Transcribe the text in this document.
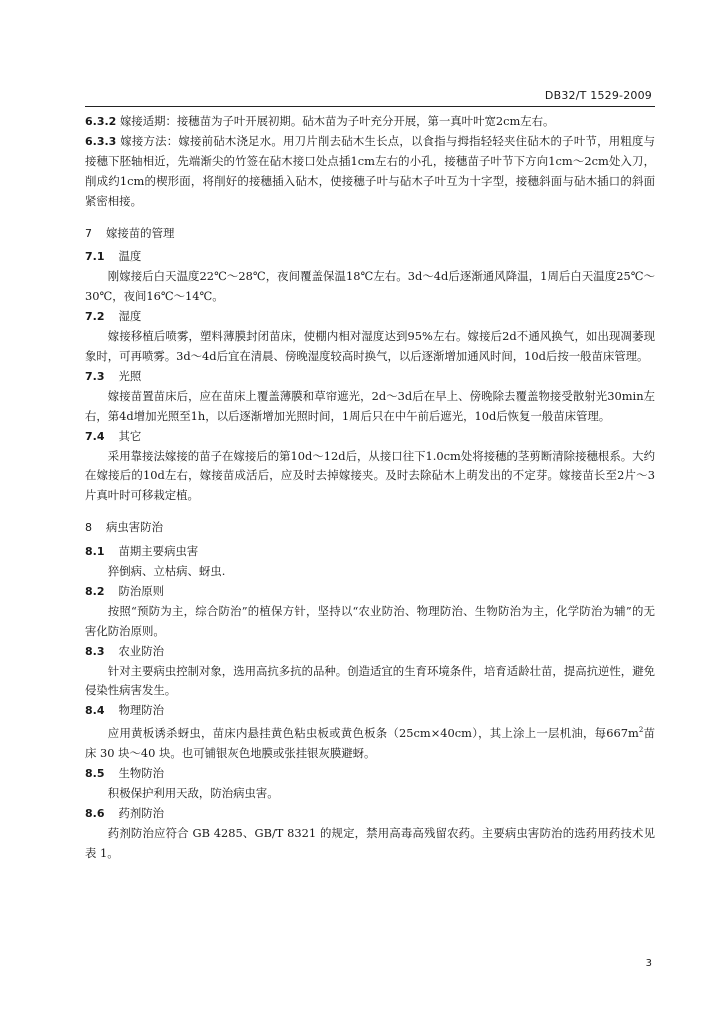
DB32/T 1529-2009

6.3.2 嫁接适期：接穗苗为子叶开展初期。砧木苗为子叶充分开展，第一真叶叶宽2cm左右。

6.3.3 嫁接方法：嫁接前砧木浇足水。用刀片削去砧木生长点，以食指与拇指轻轻夹住砧木的子叶节，用粗度与接穗下胚轴相近，先端渐尖的竹签在砧木接口处点插1cm左右的小孔，接穗苗子叶节下方向1cm～2cm处入刀，削成约1cm的楔形面，将削好的接穗插入砧木，使接穗子叶与砧木子叶互为十字型，接穗斜面与砧木插口的斜面紧密相接。

7 嫁接苗的管理
7.1 温度

刚嫁接后白天温度22℃～28℃，夜间覆盖保温18℃左右。3d～4d后逐渐通风降温，1周后白天温度25℃～30℃，夜间16℃～14℃。

7.2 湿度

嫁接移植后喷雾，塑料薄膜封闭苗床，使棚内相对湿度达到95%左右。嫁接后2d不通风换气，如出现凋萎现象时，可再喷雾。3d～4d后宜在清晨、傍晚湿度较高时换气，以后逐渐增加通风时间，10d后按一般苗床管理。

7.3 光照

嫁接苗置苗床后，应在苗床上覆盖薄膜和草帘遮光，2d～3d后在早上、傍晚除去覆盖物接受散射光30min左右，第4d增加光照至1h，以后逐渐增加光照时间，1周后只在中午前后遮光，10d后恢复一般苗床管理。

7.4 其它

采用靠接法嫁接的苗子在嫁接后的第10d～12d后，从接口往下1.0cm处将接穗的茎剪断清除接穗根系。大约在嫁接后的10d左右，嫁接苗成活后，应及时去掉嫁接夹。及时去除砧木上萌发出的不定芽。嫁接苗长至2片～3片真叶时可移栽定植。

8 病虫害防治
8.1 苗期主要病虫害

猝倒病、立枯病、蚜虫.

8.2 防治原则

按照“预防为主，综合防治”的植保方针，坚持以“农业防治、物理防治、生物防治为主，化学防治为辅”的无害化防治原则。

8.3 农业防治

针对主要病虫控制对象，选用高抗多抗的品种。创造适宜的生育环境条件，培育适龄壮苗，提高抗逆性，避免侵染性病害发生。

8.4 物理防治

应用黄板诱杀蚜虫，苗床内悬挂黄色粘虫板或黄色板条（25cm×40cm），其上涂上一层机油，每$667m^2$苗床 30 块～40 块。也可铺银灰色地膜或张挂银灰膜避蚜。

8.5 生物防治

积极保护利用天敌，防治病虫害。

8.6 药剂防治

药剂防治应符合 GB 4285、GB/T 8321 的规定，禁用高毒高残留农药。主要病虫害防治的选药用药技术见表 1。

3
